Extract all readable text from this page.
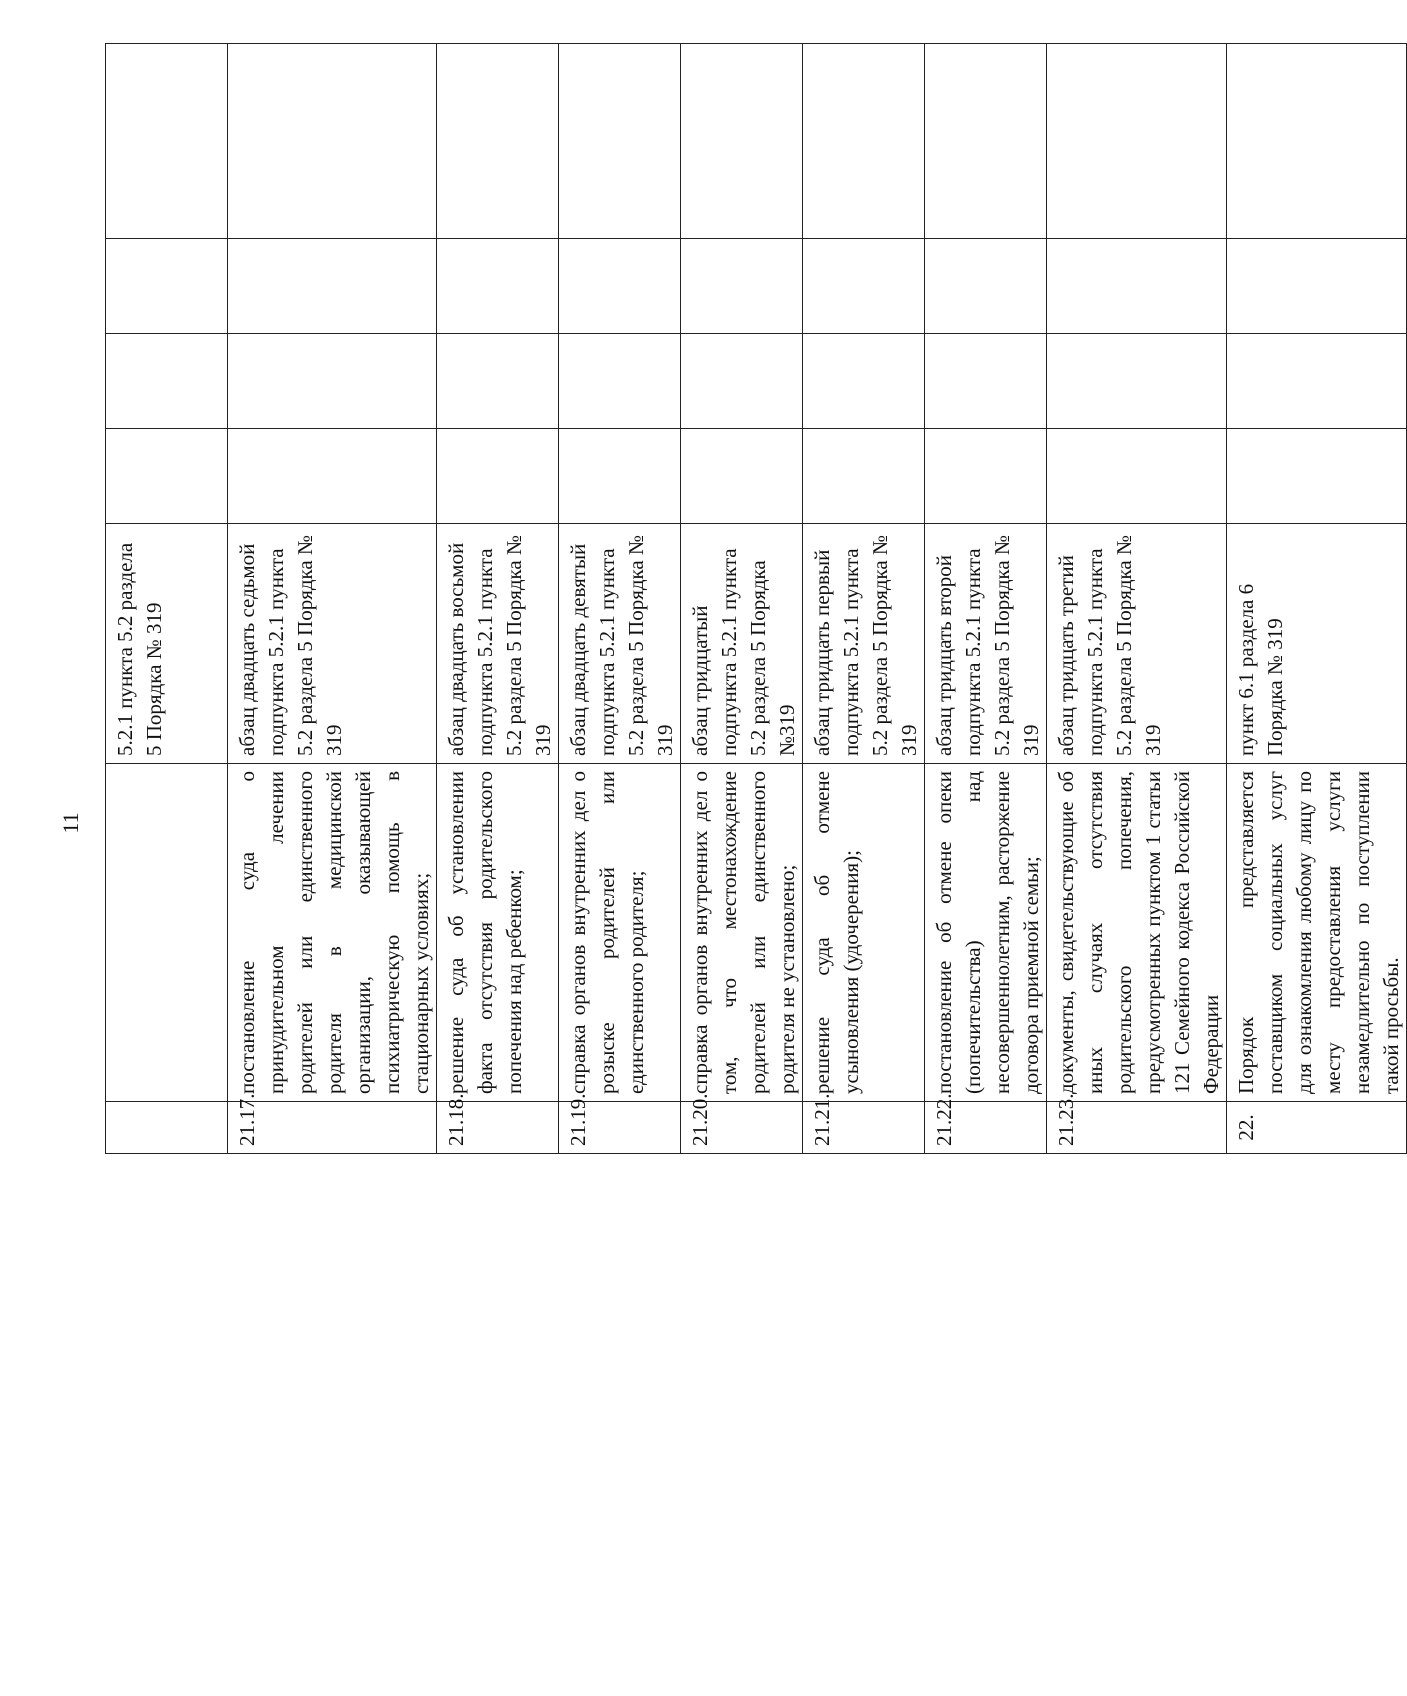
11
		5.2.1 пункта 5.2 раздела 5 Порядка № 319				
21.17.	постановление суда о принудительном лечении родителей или единственного родителя в медицинской организации, оказывающей психиатрическую помощь в стационарных условиях;	абзац двадцать седьмой подпункта 5.2.1 пункта 5.2 раздела 5 Порядка № 319				
21.18.	решение суда об установлении факта отсутствия родительского попечения над ребенком;	абзац двадцать восьмой подпункта 5.2.1 пункта 5.2 раздела 5 Порядка № 319				
21.19.	справка органов внутренних дел о розыске родителей или единственного родителя;	абзац двадцать девятый подпункта 5.2.1 пункта 5.2 раздела 5 Порядка № 319				
21.20.	справка органов внутренних дел о том, что местонахождение родителей или единственного родителя не установлено;	абзац тридцатый подпункта 5.2.1 пункта 5.2 раздела 5 Порядка №319				
21.21.	решение суда об отмене усыновления (удочерения);	абзац тридцать первый подпункта 5.2.1 пункта 5.2 раздела 5 Порядка № 319				
21.22.	постановление об отмене опеки (попечительства) над несовершеннолетним, расторжение договора приемной семьи;	абзац тридцать второй подпункта 5.2.1 пункта 5.2 раздела 5 Порядка № 319				
21.23.	документы, свидетельствующие об иных случаях отсутствия родительского попечения, предусмотренных пунктом 1 статьи 121 Семейного кодекса Российской Федерации	абзац тридцать третий подпункта 5.2.1 пункта 5.2 раздела 5 Порядка № 319				
22.	Порядок представляется поставщиком социальных услуг для ознакомления любому лицу по месту предоставления услуги незамедлительно по поступлении такой просьбы.	пункт 6.1 раздела 6 Порядка № 319				
